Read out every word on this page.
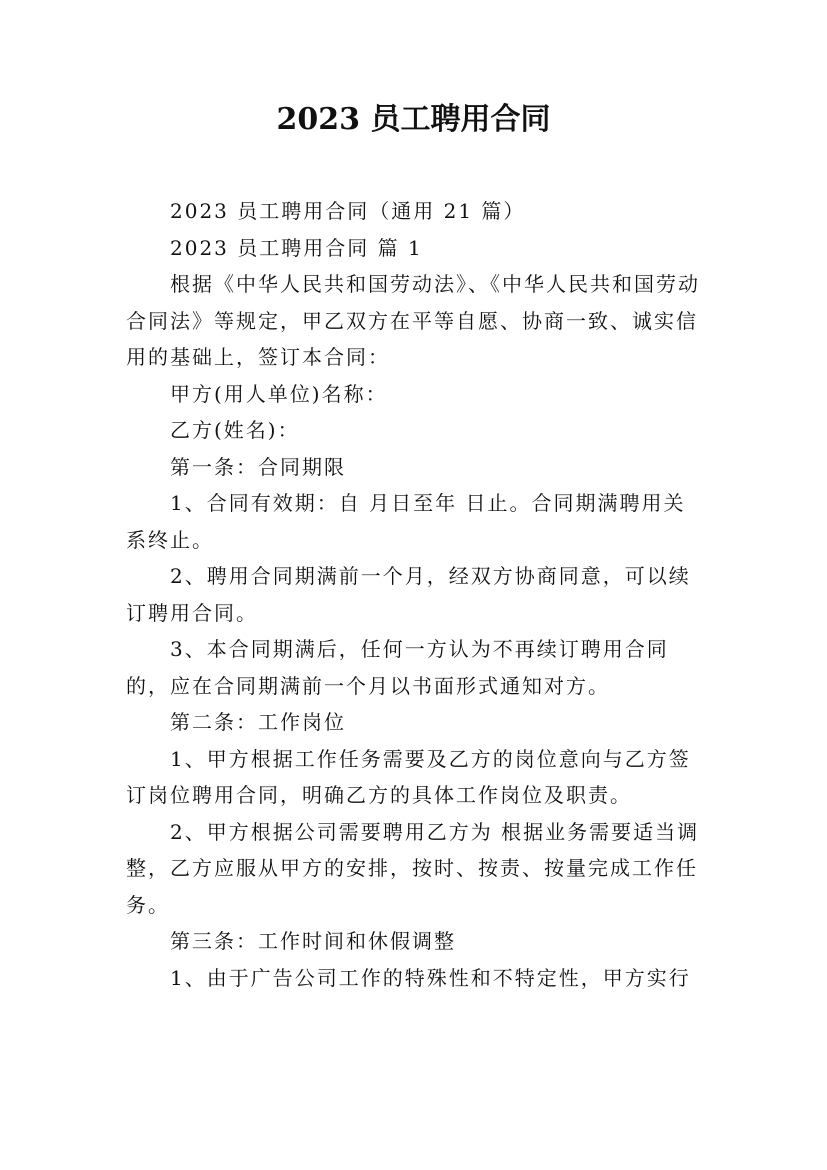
2023 员工聘用合同

2023 员工聘用合同（通用 21 篇）

2023 员工聘用合同 篇 1

根据《中华人民共和国劳动法》、《中华人民共和国劳动合同法》等规定，甲乙双方在平等自愿、协商一致、诚实信用的基础上，签订本合同：

甲方(用人单位)名称：

乙方(姓名)：

第一条：合同期限

1、合同有效期：自 月日至年 日止。合同期满聘用关系终止。

2、聘用合同期满前一个月，经双方协商同意，可以续订聘用合同。

3、本合同期满后，任何一方认为不再续订聘用合同的，应在合同期满前一个月以书面形式通知对方。

第二条：工作岗位

1、甲方根据工作任务需要及乙方的岗位意向与乙方签订岗位聘用合同，明确乙方的具体工作岗位及职责。

2、甲方根据公司需要聘用乙方为 根据业务需要适当调整，乙方应服从甲方的安排，按时、按责、按量完成工作任务。

第三条：工作时间和休假调整

1、由于广告公司工作的特殊性和不特定性，甲方实行
